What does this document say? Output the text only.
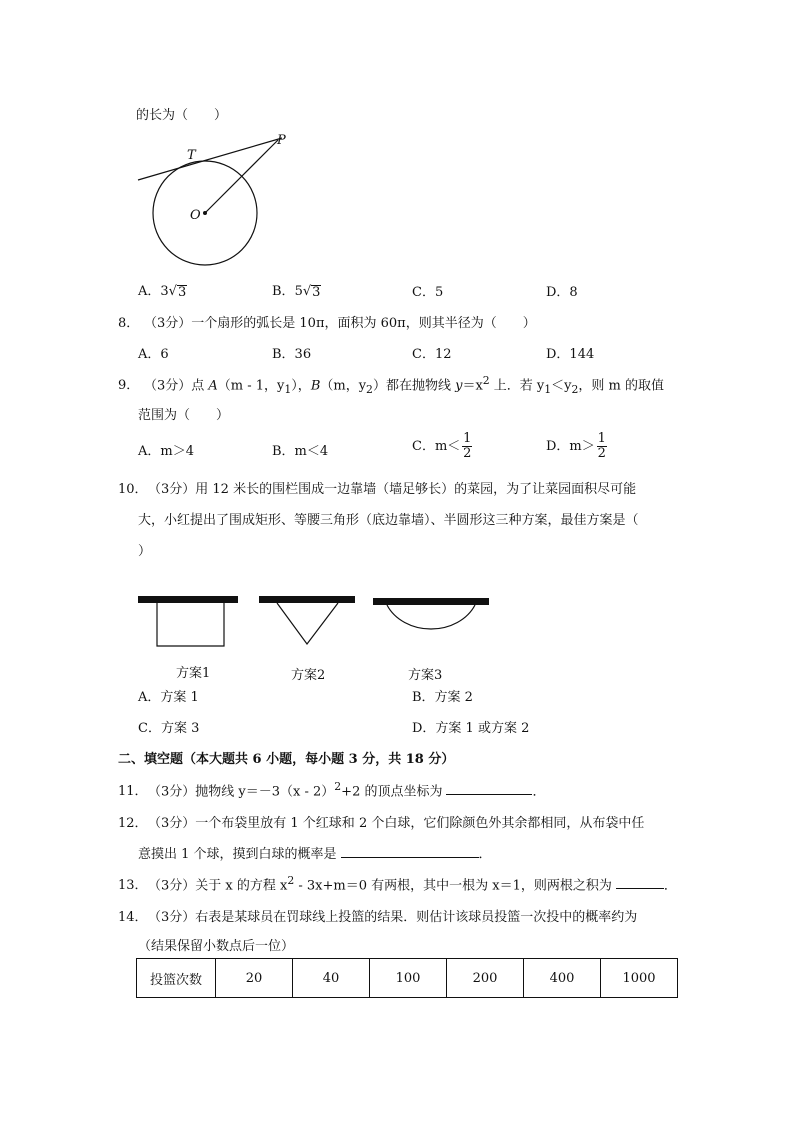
的长为（　　）
T
P
O
A．3√ 3	B．5√ 3	C．5	D．8
8． （3分）一个扇形的弧长是 10π，面积为 60π，则其半径为（　　）
A．6	B．36	C．12	D．144
9． （3分）点 A（m - 1，$y_1$），B（m，$y_2$）都在抛物线 $y=x^2$ 上．若 $y_1<y_2$，则 m 的取值
范围为（　　）
A．m＞4	B．m＜4	C．$m< \frac{1}{2}$	D．$m> \frac{1}{2}$
10．（3分）用 12 米长的围栏围成一边靠墙（墙足够长）的菜园，为了让菜园面积尽可能
大，小红提出了围成矩形、等腰三角形（底边靠墙）、半圆形这三种方案，最佳方案是（
）
方案1	方案2	方案3
A．方案 1	B．方案 2
C．方案 3	D．方案 1 或方案 2
二、填空题（本大题共 6 小题，每小题 3 分，共 18 分）
11．（3分）抛物线 y＝－3（x - 2）$^2$+2 的顶点坐标为	．
12．（3分）一个布袋里放有 1 个红球和 2 个白球，它们除颜色外其余都相同，从布袋中任
意摸出 1 个球，摸到白球的概率是	．
13．（3分）关于 x 的方程 $x^2 - 3x+m=0$ 有两根，其中一根为 x＝1，则两根之积为	．
14．（3分）右表是某球员在罚球线上投篮的结果．则估计该球员投篮一次投中的概率约为
（结果保留小数点后一位）
投篮次数	20	40	100	200	400	1000
